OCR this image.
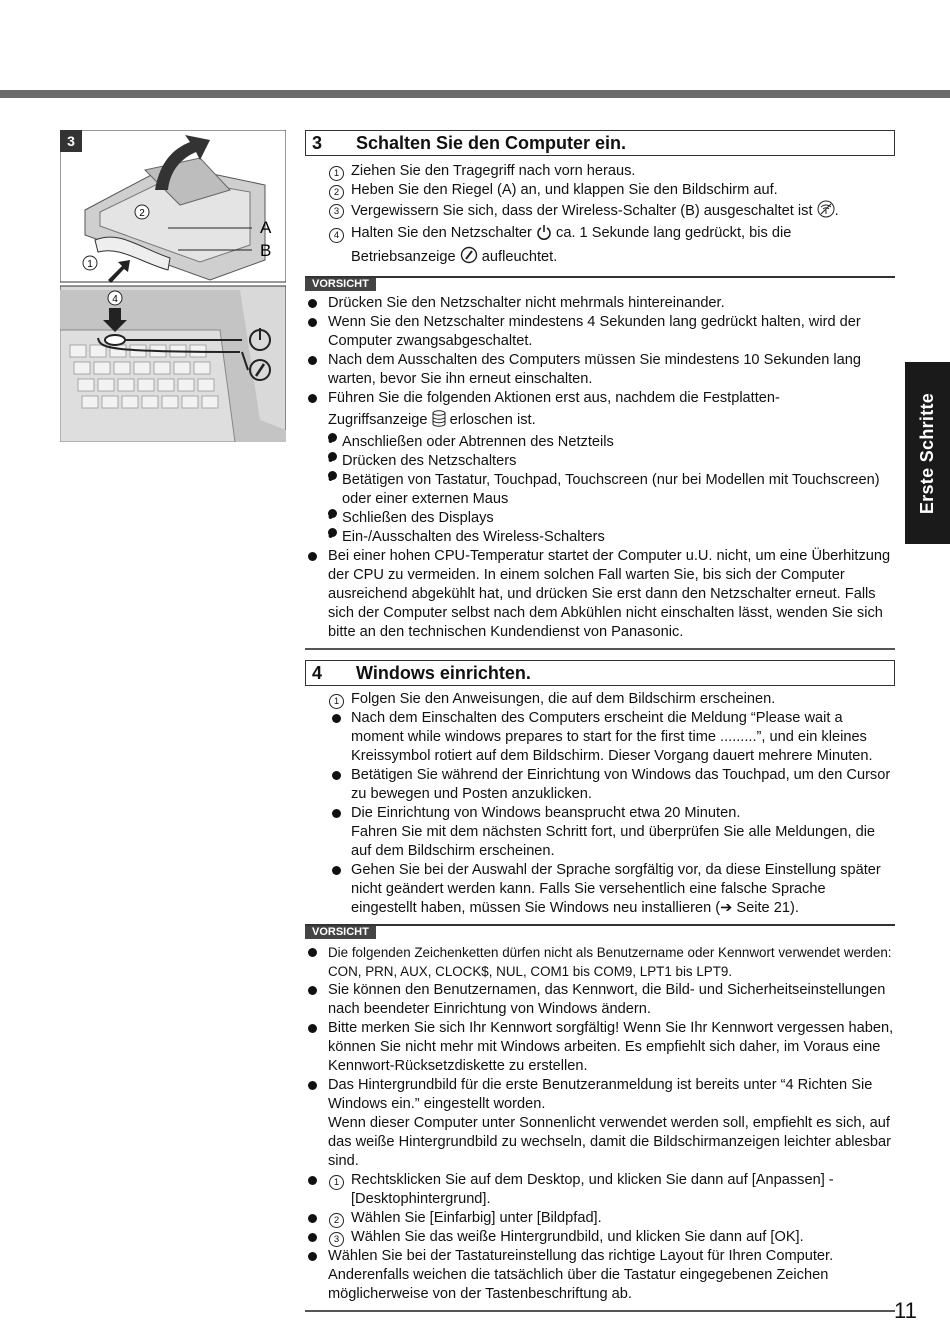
3
2
1
A
B
4
Erste Schritte
3	Schalten Sie den Computer ein.
1 Ziehen Sie den Tragegriff nach vorn heraus.
2 Heben Sie den Riegel (A) an, und klappen Sie den Bildschirm auf.
3 Vergewissern Sie sich, dass der Wireless-Schalter (B) ausgeschaltet ist .
4 Halten Sie den Netzschalter ca. 1 Sekunde lang gedrückt, bis die
Betriebsanzeige aufleuchtet.
VORSICHT
Drücken Sie den Netzschalter nicht mehrmals hintereinander.
Wenn Sie den Netzschalter mindestens 4 Sekunden lang gedrückt halten, wird der Computer zwangsabgeschaltet.
Nach dem Ausschalten des Computers müssen Sie mindestens 10 Sekunden lang warten, bevor Sie ihn erneut einschalten.
Führen Sie die folgenden Aktionen erst aus, nachdem die Festplatten-
Zugriffsanzeige erloschen ist.
• Anschließen oder Abtrennen des Netzteils
• Drücken des Netzschalters
• Betätigen von Tastatur, Touchpad, Touchscreen (nur bei Modellen mit Touchscreen) oder einer externen Maus
• Schließen des Displays
• Ein-/Ausschalten des Wireless-Schalters
Bei einer hohen CPU-Temperatur startet der Computer u.U. nicht, um eine Überhitzung der CPU zu vermeiden. In einem solchen Fall warten Sie, bis sich der Computer ausreichend abgekühlt hat, und drücken Sie erst dann den Netzschalter erneut. Falls sich der Computer selbst nach dem Abkühlen nicht einschalten lässt, wenden Sie sich bitte an den technischen Kundendienst von Panasonic.
4	Windows einrichten.
1 Folgen Sie den Anweisungen, die auf dem Bildschirm erscheinen.
Nach dem Einschalten des Computers erscheint die Meldung “Please wait a moment while windows prepares to start for the first time .........”, und ein kleines Kreissymbol rotiert auf dem Bildschirm. Dieser Vorgang dauert mehrere Minuten.
Betätigen Sie während der Einrichtung von Windows das Touchpad, um den Cursor zu bewegen und Posten anzuklicken.
Die Einrichtung von Windows beansprucht etwa 20 Minuten.
Fahren Sie mit dem nächsten Schritt fort, und überprüfen Sie alle Meldungen, die auf dem Bildschirm erscheinen.
Gehen Sie bei der Auswahl der Sprache sorgfältig vor, da diese Einstellung später nicht geändert werden kann. Falls Sie versehentlich eine falsche Sprache eingestellt haben, müssen Sie Windows neu installieren (➔ Seite 21).
VORSICHT
Die folgenden Zeichenketten dürfen nicht als Benutzername oder Kennwort verwendet werden: CON, PRN, AUX, CLOCK$, NUL, COM1 bis COM9, LPT1 bis LPT9.
Sie können den Benutzernamen, das Kennwort, die Bild- und Sicherheitseinstellungen nach beendeter Einrichtung von Windows ändern.
Bitte merken Sie sich Ihr Kennwort sorgfältig! Wenn Sie Ihr Kennwort vergessen haben, können Sie nicht mehr mit Windows arbeiten. Es empfiehlt sich daher, im Voraus eine Kennwort-Rücksetzdiskette zu erstellen.
Das Hintergrundbild für die erste Benutzeranmeldung ist bereits unter “4 Richten Sie Windows ein.” eingestellt worden.
Wenn dieser Computer unter Sonnenlicht verwendet werden soll, empfiehlt es sich, auf das weiße Hintergrundbild zu wechseln, damit die Bildschirmanzeigen leichter ablesbar sind.
1 Rechtsklicken Sie auf dem Desktop, und klicken Sie dann auf [Anpassen] - [Desktophintergrund].
2 Wählen Sie [Einfarbig] unter [Bildpfad].
3 Wählen Sie das weiße Hintergrundbild, und klicken Sie dann auf [OK].
Wählen Sie bei der Tastatureinstellung das richtige Layout für Ihren Computer. Anderenfalls weichen die tatsächlich über die Tastatur eingegebenen Zeichen möglicherweise von der Tastenbeschriftung ab.
11
